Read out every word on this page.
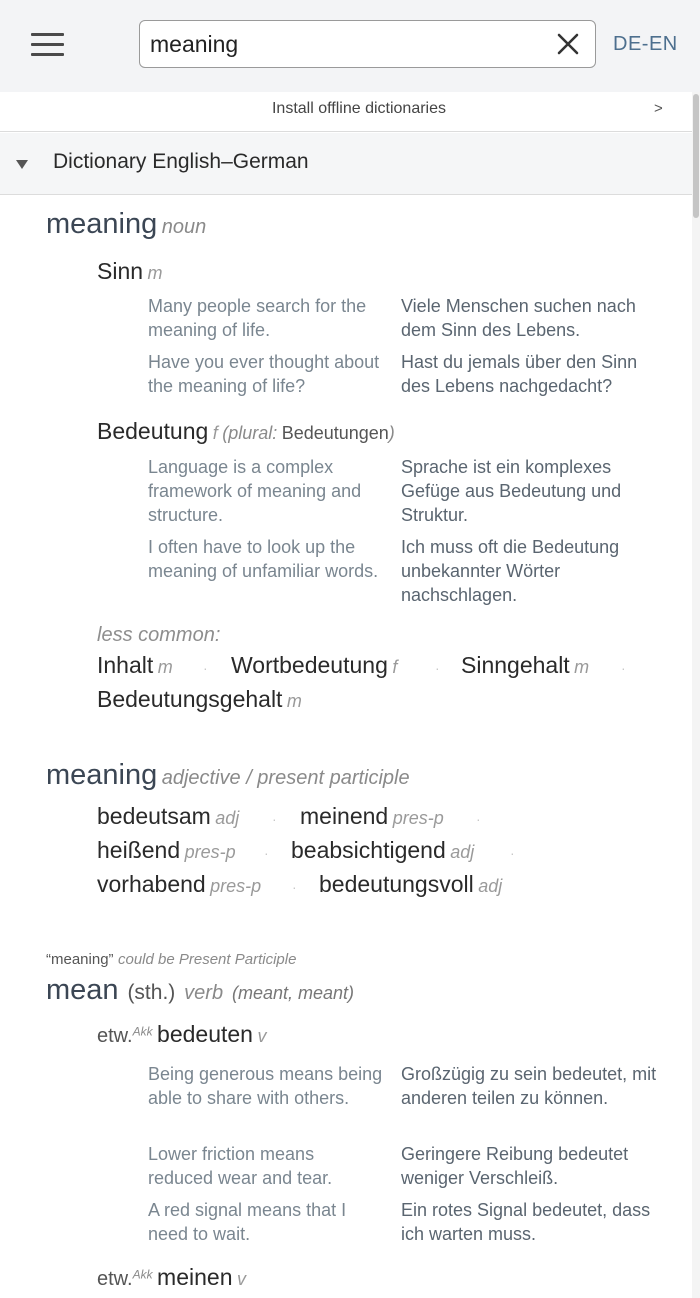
meaning
DE-EN
Install offline dictionaries	>
Dictionary English–German
meaning noun
Sinn m
Many people search for the meaning of life.
Viele Menschen suchen nach dem Sinn des Lebens.
Have you ever thought about the meaning of life?
Hast du jemals über den Sinn des Lebens nachgedacht?
Bedeutung f (plural: Bedeutungen)
Language is a complex framework of meaning and structure.
Sprache ist ein komplexes Gefüge aus Bedeutung und Struktur.
I often have to look up the meaning of unfamiliar words.
Ich muss oft die Bedeutung unbekannter Wörter nachschlagen.
less common:
Inhalt m · Wortbedeutung f	· Sinngehalt m ·
Bedeutungsgehalt m
meaning adjective / present participle
bedeutsam adj · meinend pres-p ·
heißend pres-p · beabsichtigend adj	·
vorhabend pres-p · bedeutungsvoll adj
“meaning” could be Present Participle
mean (sth.) verb (meant, meant)
etw.$^{Akk}$ bedeuten v
Being generous means being able to share with others.
Großzügig zu sein bedeutet, mit anderen teilen zu können.
Lower friction means reduced wear and tear.
Geringere Reibung bedeutet weniger Verschleiß.
A red signal means that I need to wait.
Ein rotes Signal bedeutet, dass ich warten muss.
etw.$^{Akk}$ meinen v
